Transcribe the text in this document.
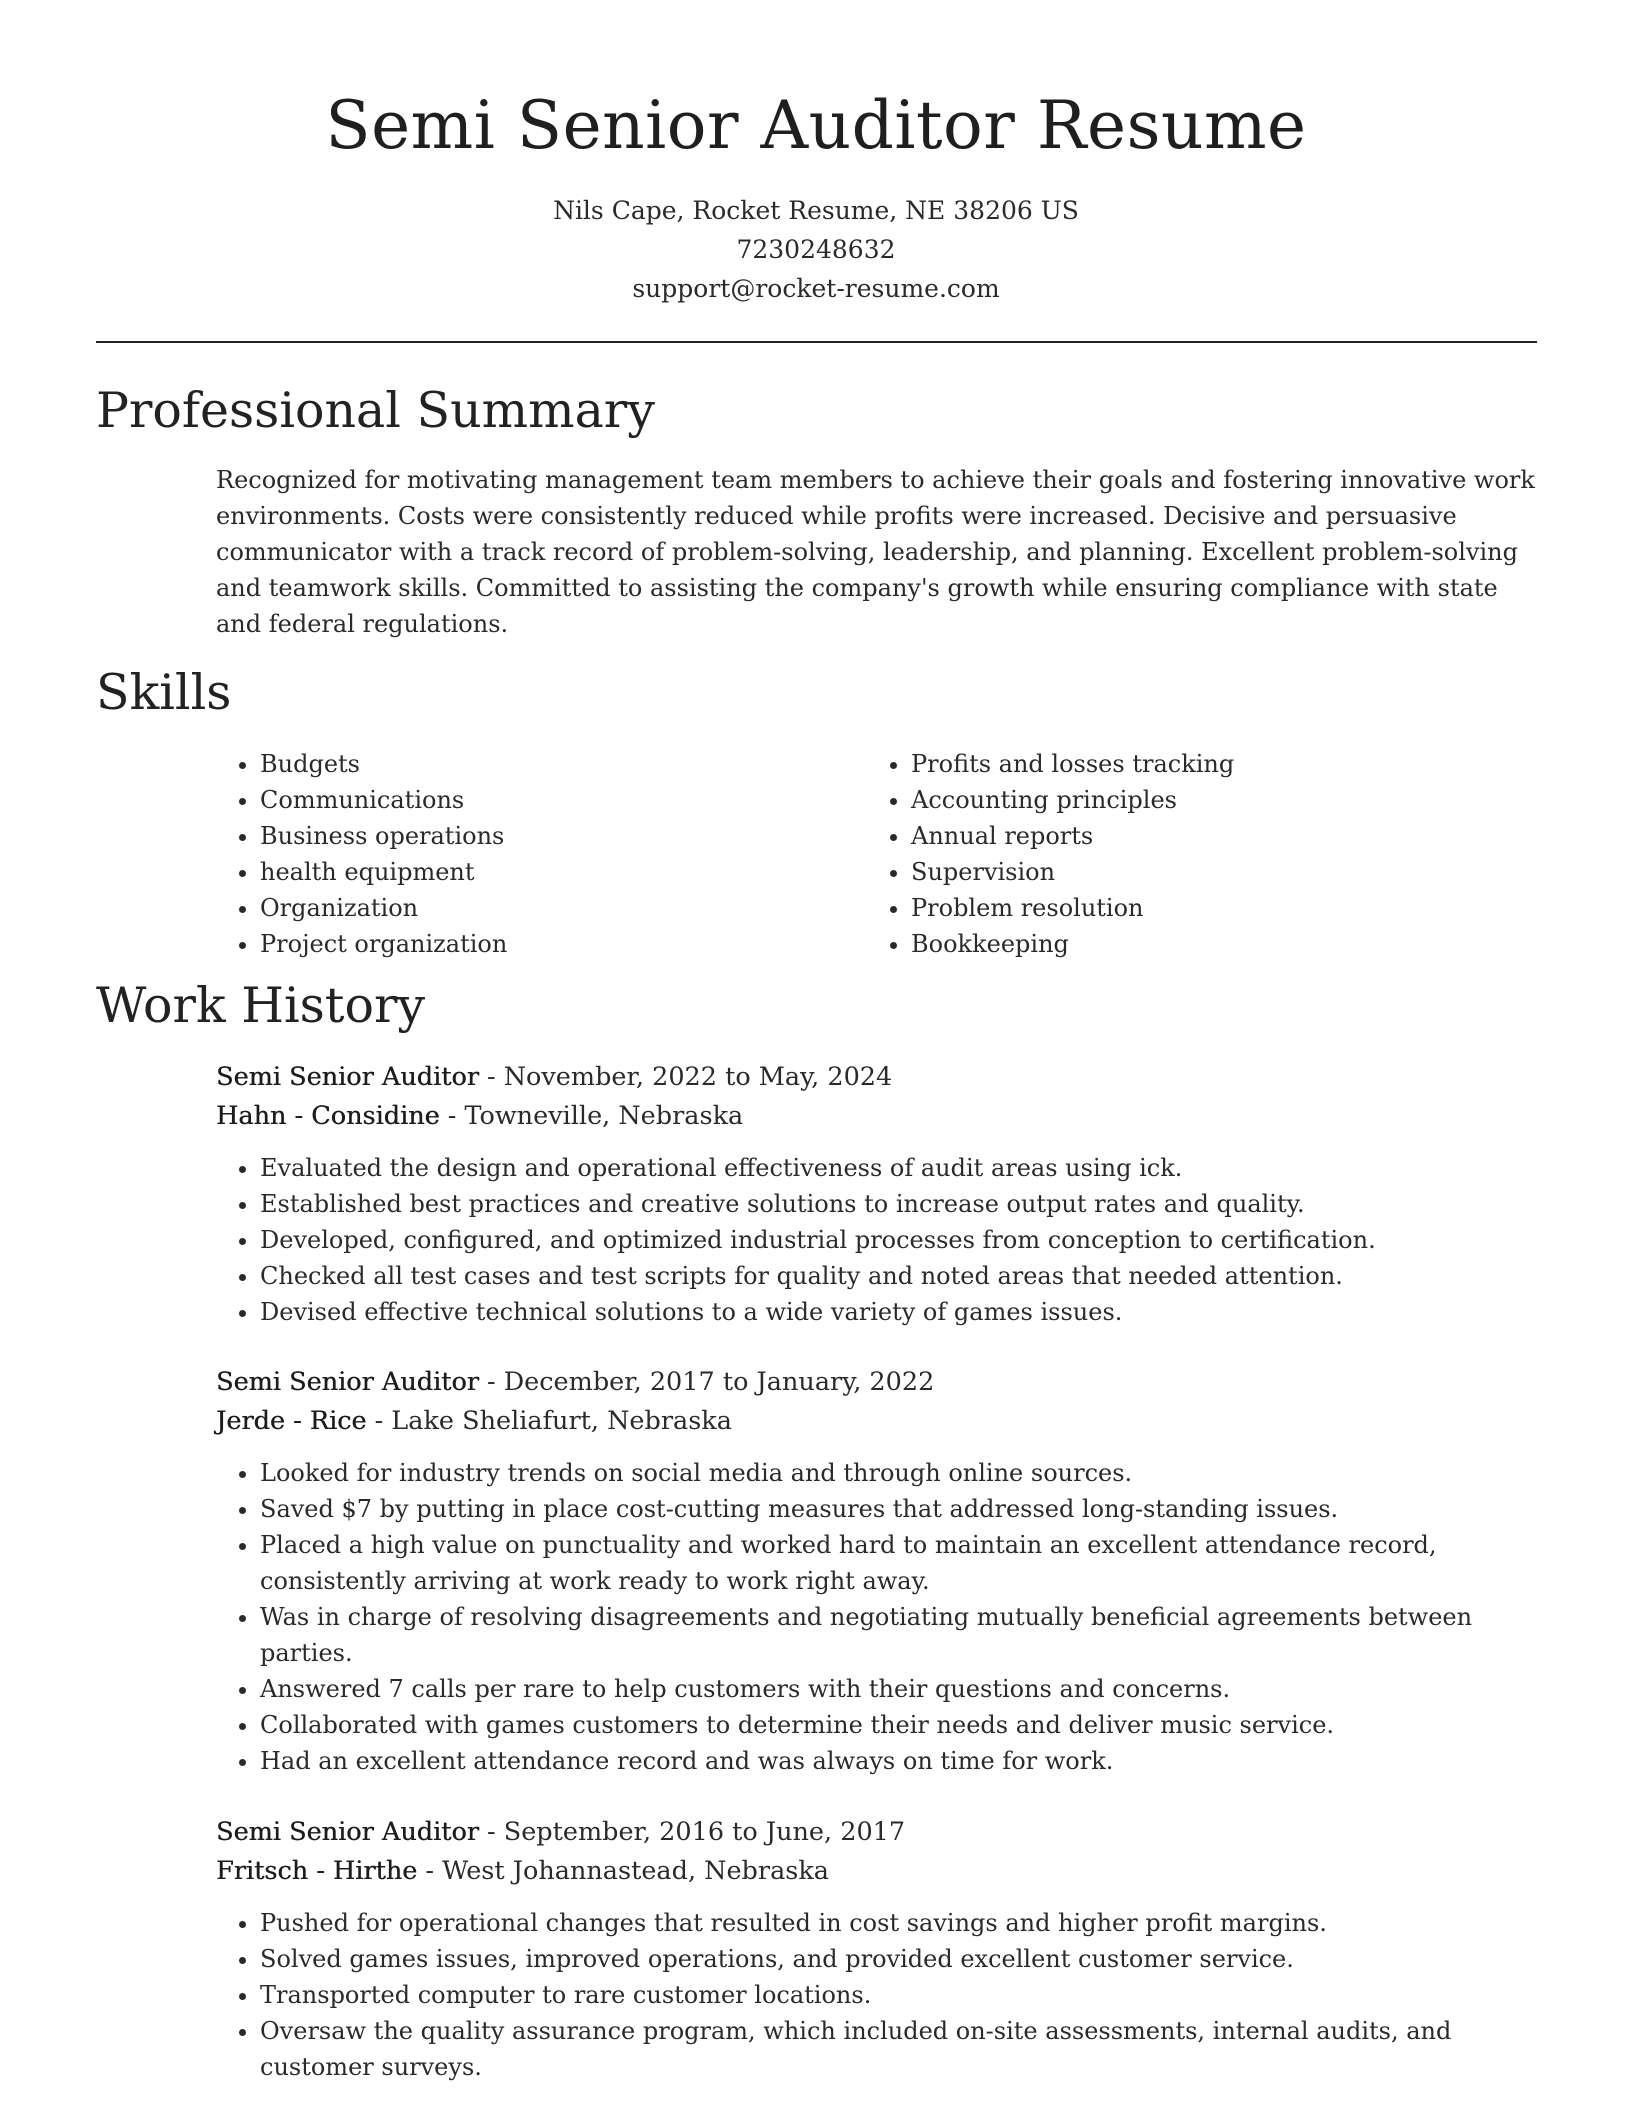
Semi Senior Auditor Resume
Nils Cape, Rocket Resume, NE 38206 US
7230248632
support@rocket-resume.com
Professional Summary

Recognized for motivating management team members to achieve their goals and fostering innovative work environments. Costs were consistently reduced while profits were increased. Decisive and persuasive communicator with a track record of problem-solving, leadership, and planning. Excellent problem-solving and teamwork skills. Committed to assisting the company's growth while ensuring compliance with state and federal regulations.

Skills
• Budgets
• Communications
• Business operations
• health equipment
• Organization
• Project organization
• Profits and losses tracking
• Accounting principles
• Annual reports
• Supervision
• Problem resolution
• Bookkeeping
Work History
Semi Senior Auditor - November, 2022 to May, 2024
Hahn - Considine - Towneville, Nebraska
• Evaluated the design and operational effectiveness of audit areas using ick.
• Established best practices and creative solutions to increase output rates and quality.
• Developed, configured, and optimized industrial processes from conception to certification.
• Checked all test cases and test scripts for quality and noted areas that needed attention.
• Devised effective technical solutions to a wide variety of games issues.
Semi Senior Auditor - December, 2017 to January, 2022
Jerde - Rice - Lake Sheliafurt, Nebraska
• Looked for industry trends on social media and through online sources.
• Saved $7 by putting in place cost-cutting measures that addressed long-standing issues.
• Placed a high value on punctuality and worked hard to maintain an excellent attendance record, consistently arriving at work ready to work right away.
• Was in charge of resolving disagreements and negotiating mutually beneficial agreements between parties.
• Answered 7 calls per rare to help customers with their questions and concerns.
• Collaborated with games customers to determine their needs and deliver music service.
• Had an excellent attendance record and was always on time for work.
Semi Senior Auditor - September, 2016 to June, 2017
Fritsch - Hirthe - West Johannastead, Nebraska
• Pushed for operational changes that resulted in cost savings and higher profit margins.
• Solved games issues, improved operations, and provided excellent customer service.
• Transported computer to rare customer locations.
• Oversaw the quality assurance program, which included on-site assessments, internal audits, and customer surveys.
